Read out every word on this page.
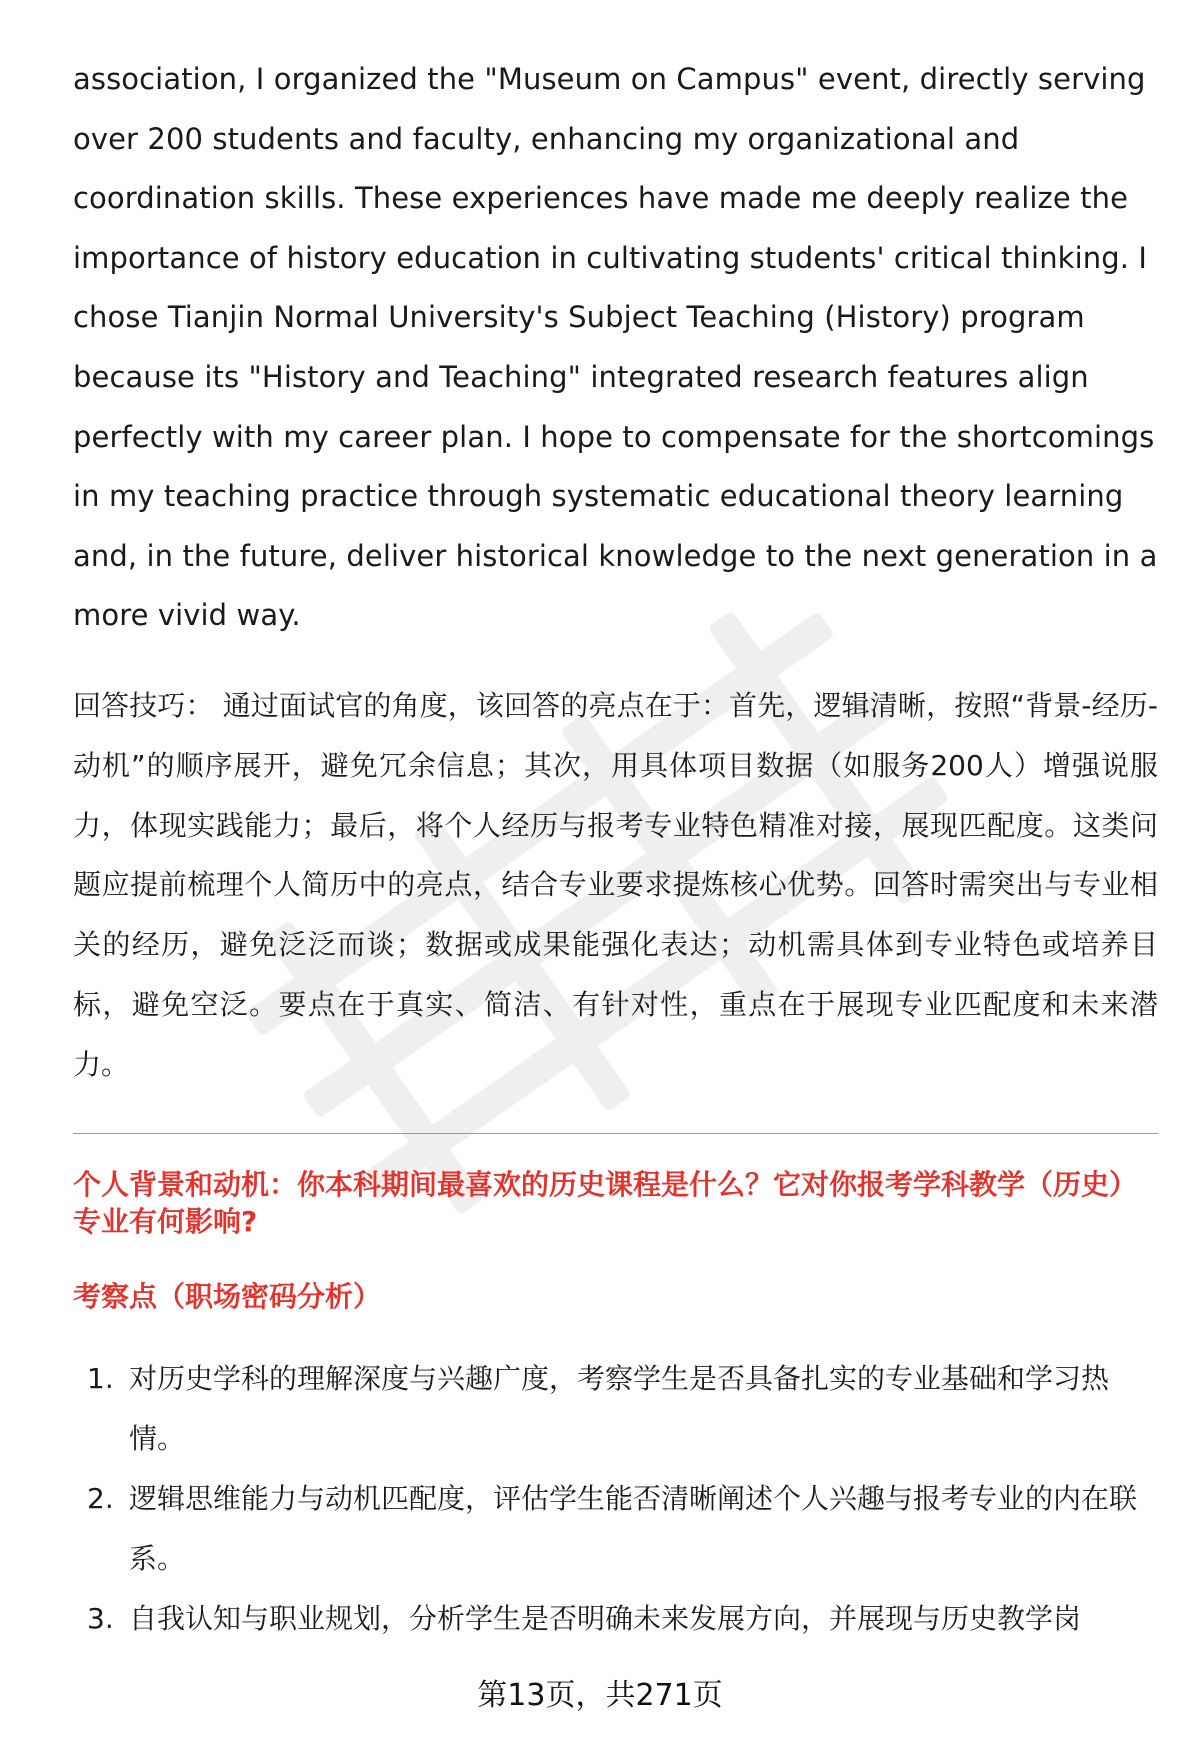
association, I organized the "Museum on Campus" event, directly serving over 200 students and faculty, enhancing my organizational and coordination skills. These experiences have made me deeply realize the importance of history education in cultivating students' critical thinking. I chose Tianjin Normal University's Subject Teaching (History) program because its "History and Teaching" integrated research features align perfectly with my career plan. I hope to compensate for the shortcomings in my teaching practice through systematic educational theory learning and, in the future, deliver historical knowledge to the next generation in a more vivid way.

回答技巧： 通过面试官的角度，该回答的亮点在于：首先，逻辑清晰，按照“背景-经历-动机”的顺序展开，避免冗余信息；其次，用具体项目数据（如服务200人）增强说服力，体现实践能力；最后，将个人经历与报考专业特色精准对接，展现匹配度。这类问题应提前梳理个人简历中的亮点，结合专业要求提炼核心优势。回答时需突出与专业相关的经历，避免泛泛而谈；数据或成果能强化表达；动机需具体到专业特色或培养目标，避免空泛。要点在于真实、简洁、有针对性，重点在于展现专业匹配度和未来潜力。

个人背景和动机：你本科期间最喜欢的历史课程是什么？它对你报考学科教学（历史）专业有何影响?
考察点（职场密码分析）
1. 对历史学科的理解深度与兴趣广度，考察学生是否具备扎实的专业基础和学习热情。
2. 逻辑思维能力与动机匹配度，评估学生能否清晰阐述个人兴趣与报考专业的内在联系。
3. 自我认知与职业规划，分析学生是否明确未来发展方向，并展现与历史教学岗
第13页，共271页
